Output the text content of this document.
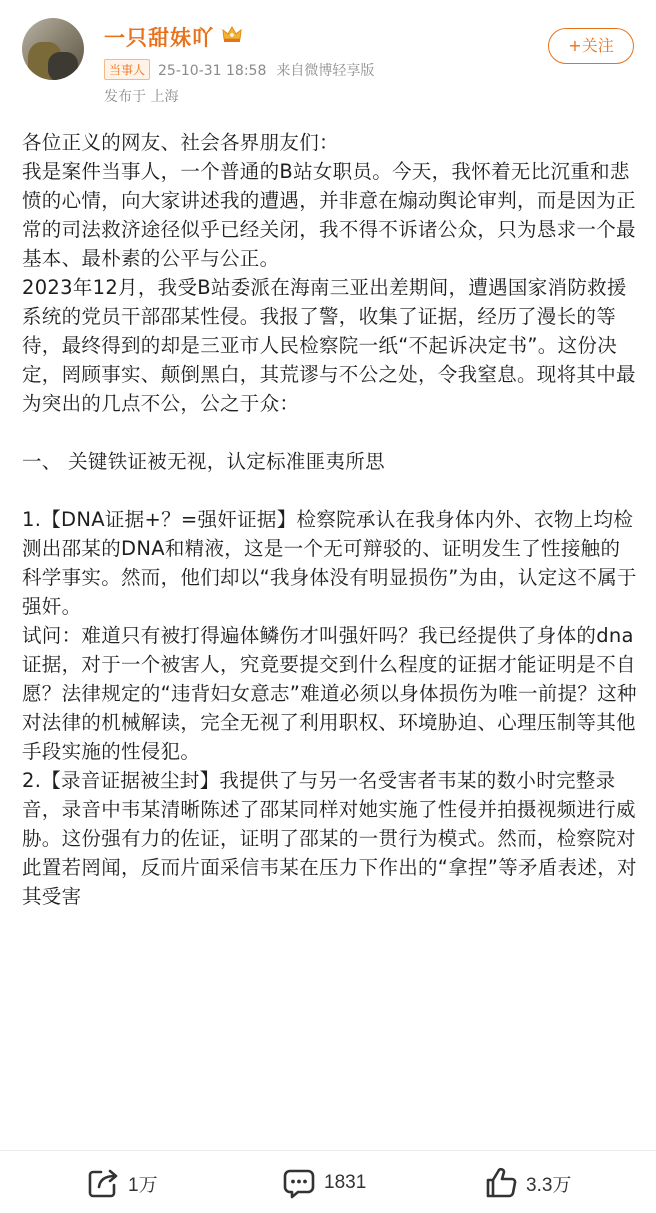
一只甜妹吖
当事人 25-10-31 18:58 来自微博轻享版
发布于 上海
+关注

各位正义的网友、社会各界朋友们：

我是案件当事人，一个普通的B站女职员。今天，我怀着无比沉重和悲愤的心情，向大家讲述我的遭遇，并非意在煽动舆论审判，而是因为正常的司法救济途径似乎已经关闭，我不得不诉诸公众，只为恳求一个最基本、最朴素的公平与公正。

2023年12月，我受B站委派在海南三亚出差期间，遭遇国家消防救援系统的党员干部邵某性侵。我报了警，收集了证据，经历了漫长的等待，最终得到的却是三亚市人民检察院一纸“不起诉决定书”。这份决定，罔顾事实、颠倒黑白，其荒谬与不公之处，令我窒息。现将其中最为突出的几点不公，公之于众：

一、 关键铁证被无视，认定标准匪夷所思

1.【DNA证据+？=强奸证据】检察院承认在我身体内外、衣物上均检测出邵某的DNA和精液，这是一个无可辩驳的、证明发生了性接触的科学事实。然而，他们却以“我身体没有明显损伤”为由，认定这不属于强奸。

试问：难道只有被打得遍体鳞伤才叫强奸吗？我已经提供了身体的dna证据，对于一个被害人，究竟要提交到什么程度的证据才能证明是不自愿？法律规定的“违背妇女意志”难道必须以身体损伤为唯一前提？这种对法律的机械解读，完全无视了利用职权、环境胁迫、心理压制等其他手段实施的性侵犯。

2.【录音证据被尘封】我提供了与另一名受害者韦某的数小时完整录音，录音中韦某清晰陈述了邵某同样对她实施了性侵并拍摄视频进行威胁。这份强有力的佐证，证明了邵某的一贯行为模式。然而，检察院对此置若罔闻，反而片面采信韦某在压力下作出的“拿捏”等矛盾表述，对其受害

1万	1831	3.3万
